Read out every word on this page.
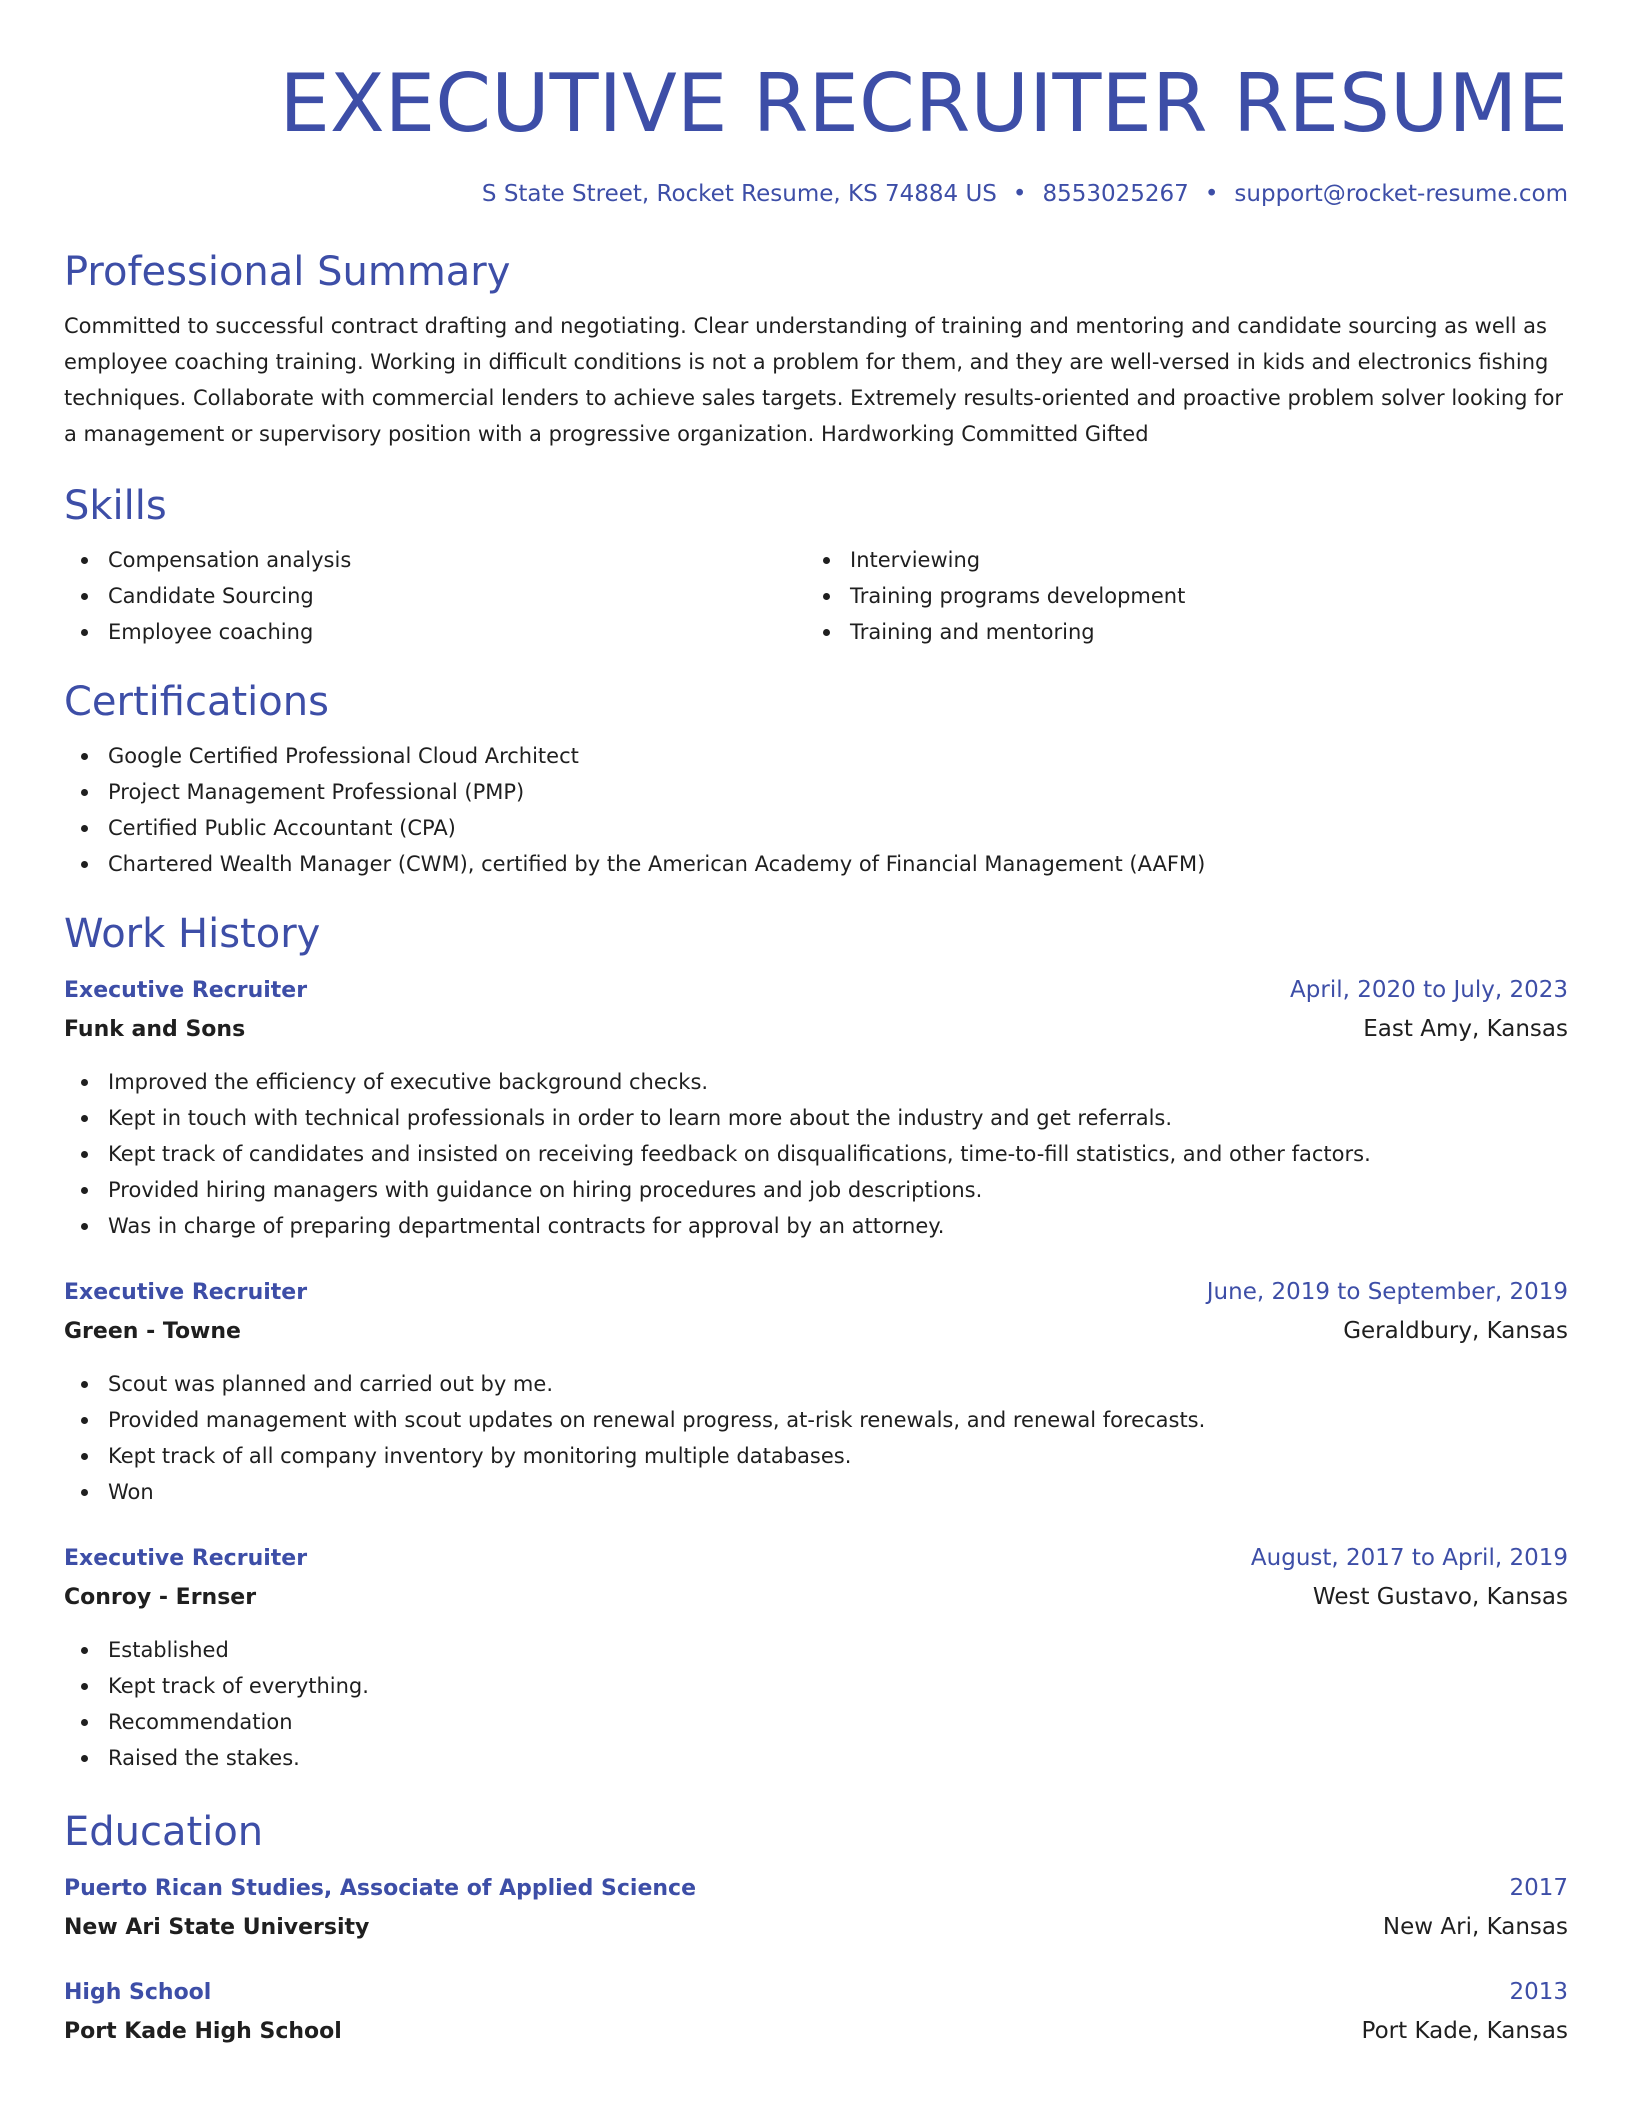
EXECUTIVE RECRUITER RESUME
S State Street, Rocket Resume, KS 74884 US • 8553025267 • support@rocket-resume.com
Professional Summary

Committed to successful contract drafting and negotiating. Clear understanding of training and mentoring and candidate sourcing as well as employee coaching training. Working in difficult conditions is not a problem for them, and they are well-versed in kids and electronics fishing techniques. Collaborate with commercial lenders to achieve sales targets. Extremely results-oriented and proactive problem solver looking for a management or supervisory position with a progressive organization. Hardworking Committed Gifted

Skills
Compensation analysis
Candidate Sourcing
Employee coaching
Interviewing
Training programs development
Training and mentoring
Certifications
Google Certified Professional Cloud Architect
Project Management Professional (PMP)
Certified Public Accountant (CPA)
Chartered Wealth Manager (CWM), certified by the American Academy of Financial Management (AAFM)
Work History
Executive Recruiter	April, 2020 to July, 2023
Funk and Sons	East Amy, Kansas
Improved the efficiency of executive background checks.
Kept in touch with technical professionals in order to learn more about the industry and get referrals.
Kept track of candidates and insisted on receiving feedback on disqualifications, time-to-fill statistics, and other factors.
Provided hiring managers with guidance on hiring procedures and job descriptions.
Was in charge of preparing departmental contracts for approval by an attorney.
Executive Recruiter	June, 2019 to September, 2019
Green - Towne	Geraldbury, Kansas
Scout was planned and carried out by me.
Provided management with scout updates on renewal progress, at-risk renewals, and renewal forecasts.
Kept track of all company inventory by monitoring multiple databases.
Won
Executive Recruiter	August, 2017 to April, 2019
Conroy - Ernser	West Gustavo, Kansas
Established
Kept track of everything.
Recommendation
Raised the stakes.
Education
Puerto Rican Studies, Associate of Applied Science	2017
New Ari State University	New Ari, Kansas
High School	2013
Port Kade High School	Port Kade, Kansas
